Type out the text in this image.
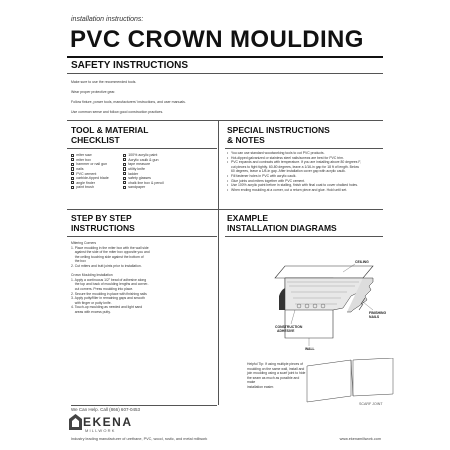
installation instructions:
PVC CROWN MOULDING
SAFETY INSTRUCTIONS

Make sure to use the recommended tools.

Wear proper protective gear.

Follow fixture, power tools, manufacturers' instructions, and user manuals.

Use common sense and follow good construction practices.

TOOL & MATERIAL
CHECKLIST
miter saw
miter box
hammer or nail gun
nails
PVC cement
carbide-tipped blade
angle finder
paint brush
100% acrylic paint
Acrylic caulk & gun
tape measure
utility knife
ladder
safety glasses
chalk line box & pencil
sandpaper
SPECIAL INSTRUCTIONS
& NOTES
• You can use standard woodworking tools to cut PVC products.
• Hot-dipped galvanized or stainless steel nails/screws are best for PVC trim.
• PVC expands and contracts with temperature. If you are installing above 80 degrees F,
cut pieces to fight tightly. 60-80 degrees, leave a 1/16-in gap for 18 ft of length. Below
60 degrees, leave a 1/8-in gap. After installation cover gap with acrylic caulk.
• Fill fastener holes in PVC with acrylic caulk.
• Glue joints and miters together with PVC cement.
• Use 100% acrylic paint before in stalling, finish with final coat to cover chalked holes.
• When ending moulding at a corner, cut a return piece and glue. Hold until set.
STEP BY STEP
INSTRUCTIONS
Mitering Corners
1. Place moulding in the miter box with the wall side
against the side of the miter box opposite you and
the ceiling touching side against the bottom of
the box
2. Cut miters and butt joints prior to installation.
Crown Moulding Installation
1. Apply a continuous 1/2" bead of adhesive along
the top and back of moulding lengths and corner-
cut corners. Press moulding into place.
2. Secure the moulding in place with finishing nails
3. Apply putty/filler in remaining gaps and smooth
with finger or putty knife.
4. Touch-up moulding as needed and light sand
areas with excess putty.
EXAMPLE
INSTALLATION DIAGRAMS
CEILING
FINISHING
NAILS
CONSTRUCTION
ADHESIVE
WALL
Helpful Tip: If using multiple pieces of
moulding on the same wall, install and
join moulding using a scarf joint to hide
the seam as much as possible and make
installation easier.
SCARF JOINT
We Can Help. Call (866) 607-0453
EKENA
MILLWORK
Industry leading manufacturer of urethane, PVC, wood, rustic, and metal millwork	www.ekenamillwork.com
